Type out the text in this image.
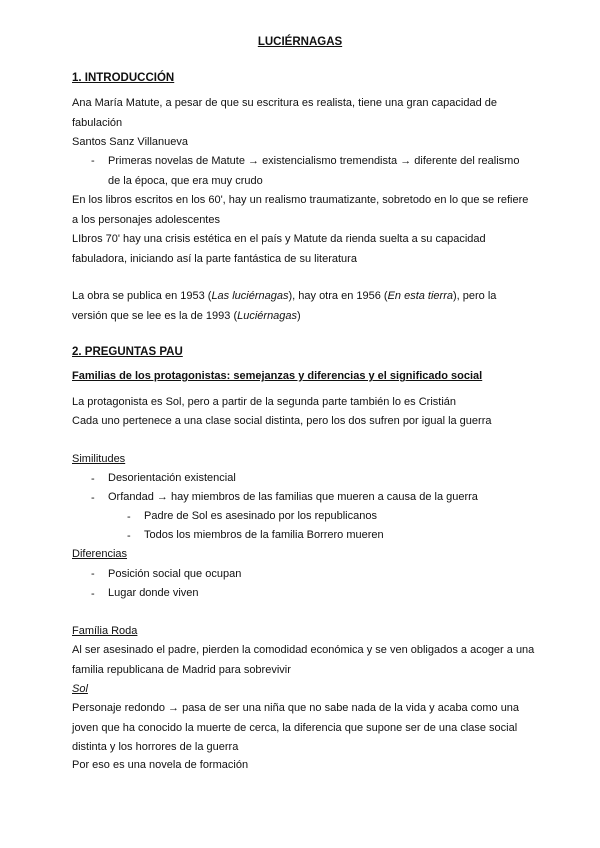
LUCIÉRNAGAS
1. INTRODUCCIÓN
Ana María Matute, a pesar de que su escritura es realista, tiene una gran capacidad de fabulación
Santos Sanz Villanueva
- Primeras novelas de Matute → existencialismo tremendista → diferente del realismo de la época, que era muy crudo
En los libros escritos en los 60', hay un realismo traumatizante, sobretodo en lo que se refiere a los personajes adolescentes
LIbros 70' hay una crisis estética en el país y Matute da rienda suelta a su capacidad fabuladora, iniciando así la parte fantástica de su literatura
La obra se publica en 1953 (Las luciérnagas), hay otra en 1956 (En esta tierra), pero la versión que se lee es la de 1993 (Luciérnagas)
2. PREGUNTAS PAU
Familias de los protagonistas: semejanzas y diferencias y el significado social
La protagonista es Sol, pero a partir de la segunda parte también lo es Cristián
Cada uno pertenece a una clase social distinta, pero los dos sufren por igual la guerra
Similitudes
- Desorientación existencial
- Orfandad → hay miembros de las familias que mueren a causa de la guerra
- Padre de Sol es asesinado por los republicanos
- Todos los miembros de la familia Borrero mueren
Diferencias
- Posición social que ocupan
- Lugar donde viven
Família Roda
Al ser asesinado el padre, pierden la comodidad económica y se ven obligados a acoger a una familia republicana de Madrid para sobrevivir
Sol
Personaje redondo → pasa de ser una niña que no sabe nada de la vida y acaba como una joven que ha conocido la muerte de cerca, la diferencia que supone ser de una clase social distinta y los horrores de la guerra
Por eso es una novela de formación
